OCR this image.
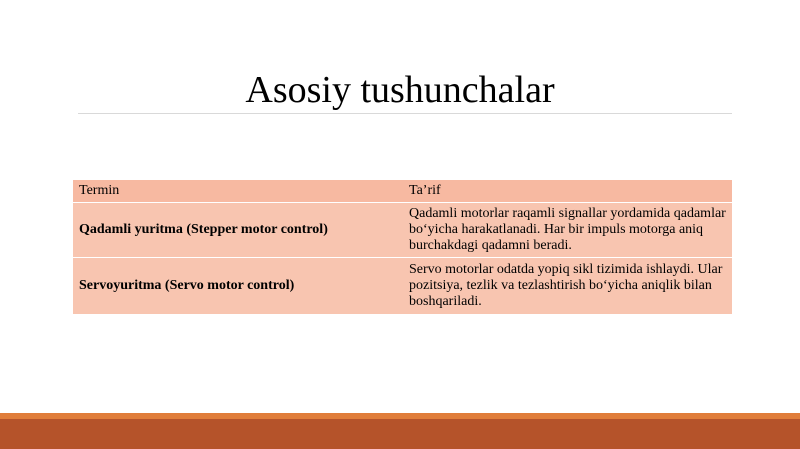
Asosiy tushunchalar
Termin	Ta’rif
Qadamli yuritma (Stepper motor control)	Qadamli motorlar raqamli signallar yordamida qadamlar bo‘yicha harakatlanadi. Har bir impuls motorga aniq burchakdagi qadamni beradi.
Servoyuritma (Servo motor control)	Servo motorlar odatda yopiq sikl tizimida ishlaydi. Ular pozitsiya, tezlik va tezlashtirish bo‘yicha aniqlik bilan boshqariladi.
